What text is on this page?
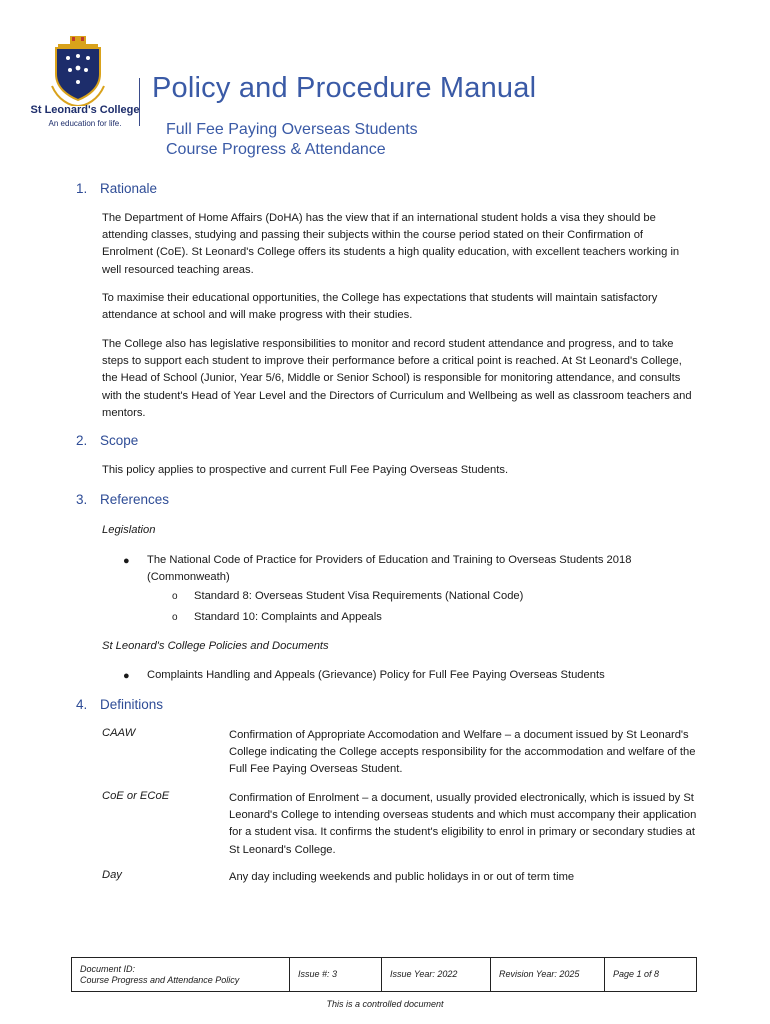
St Leonard's College
An education for life.
Policy and Procedure Manual
Full Fee Paying Overseas Students
Course Progress & Attendance
1. Rationale

The Department of Home Affairs (DoHA) has the view that if an international student holds a visa they should be attending classes, studying and passing their subjects within the course period stated on their Confirmation of Enrolment (CoE). St Leonard's College offers its students a high quality education, with excellent teachers working in well resourced teaching areas.

To maximise their educational opportunities, the College has expectations that students will maintain satisfactory attendance at school and will make progress with their studies.

The College also has legislative responsibilities to monitor and record student attendance and progress, and to take steps to support each student to improve their performance before a critical point is reached. At St Leonard's College, the Head of School (Junior, Year 5/6, Middle or Senior School) is responsible for monitoring attendance, and consults with the student's Head of Year Level and the Directors of Curriculum and Wellbeing as well as classroom teachers and mentors.

2. Scope

This policy applies to prospective and current Full Fee Paying Overseas Students.

3. References

Legislation

● The National Code of Practice for Providers of Education and Training to Overseas Students 2018 (Commonweath)

o Standard 8: Overseas Student Visa Requirements (National Code)

o Standard 10: Complaints and Appeals

St Leonard's College Policies and Documents

● Complaints Handling and Appeals (Grievance) Policy for Full Fee Paying Overseas Students

4. Definitions
CAAW	Confirmation of Appropriate Accomodation and Welfare – a document issued by St Leonard's College indicating the College accepts responsibility for the accommodation and welfare of the Full Fee Paying Overseas Student.

CoE or ECoE	Confirmation of Enrolment – a document, usually provided electronically, which is issued by St Leonard's College to intending overseas students and which must accompany their application for a student visa. It confirms the student's eligibility to enrol in primary or secondary studies at St Leonard's College.

Day	Any day including weekends and public holidays in or out of term time

Document ID:
Course Progress and Attendance Policy
	Issue #: 3	Issue Year: 2022	Revision Year: 2025	Page 1 of 8
This is a controlled document
